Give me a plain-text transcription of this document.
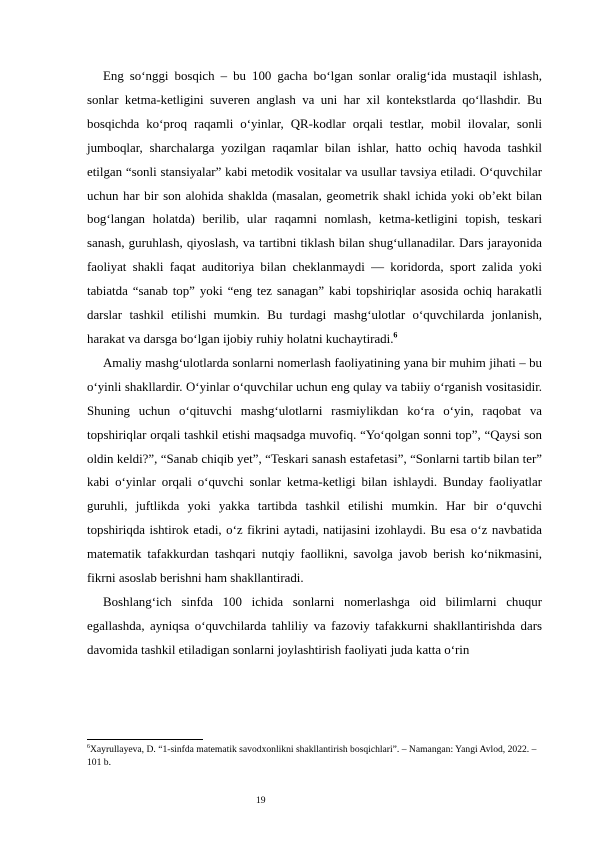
Eng so‘nggi bosqich – bu 100 gacha bo‘lgan sonlar oralig‘ida mustaqil ishlash, sonlar ketma-ketligini suveren anglash va uni har xil kontekstlarda qo‘llashdir. Bu bosqichda ko‘proq raqamli o‘yinlar, QR-kodlar orqali testlar, mobil ilovalar, sonli jumboqlar, sharchalarga yozilgan raqamlar bilan ishlar, hatto ochiq havoda tashkil etilgan “sonli stansiyalar” kabi metodik vositalar va usullar tavsiya etiladi. O‘quvchilar uchun har bir son alohida shaklda (masalan, geometrik shakl ichida yoki ob’ekt bilan bog‘langan holatda) berilib, ular raqamni nomlash, ketma-ketligini topish, teskari sanash, guruhlash, qiyoslash, va tartibni tiklash bilan shug‘ullanadilar. Dars jarayonida faoliyat shakli faqat auditoriya bilan cheklanmaydi — koridorda, sport zalida yoki tabiatda “sanab top” yoki “eng tez sanagan” kabi topshiriqlar asosida ochiq harakatli darslar tashkil etilishi mumkin. Bu turdagi mashg‘ulotlar o‘quvchilarda jonlanish, harakat va darsga bo‘lgan ijobiy ruhiy holatni kuchaytiradi.$^6$

Amaliy mashg‘ulotlarda sonlarni nomerlash faoliyatining yana bir muhim jihati – bu o‘yinli shakllardir. O‘yinlar o‘quvchilar uchun eng qulay va tabiiy o‘rganish vositasidir. Shuning uchun o‘qituvchi mashg‘ulotlarni rasmiylikdan ko‘ra o‘yin, raqobat va topshiriqlar orqali tashkil etishi maqsadga muvofiq. “Yo‘qolgan sonni top”, “Qaysi son oldin keldi?”, “Sanab chiqib yet”, “Teskari sanash estafetasi”, “Sonlarni tartib bilan ter” kabi o‘yinlar orqali o‘quvchi sonlar ketma-ketligi bilan ishlaydi. Bunday faoliyatlar guruhli, juftlikda yoki yakka tartibda tashkil etilishi mumkin. Har bir o‘quvchi topshiriqda ishtirok etadi, o‘z fikrini aytadi, natijasini izohlaydi. Bu esa o‘z navbatida matematik tafakkurdan tashqari nutqiy faollikni, savolga javob berish ko‘nikmasini, fikrni asoslab berishni ham shakllantiradi.

Boshlang‘ich sinfda 100 ichida sonlarni nomerlashga oid bilimlarni chuqur egallashda, ayniqsa o‘quvchilarda tahliliy va fazoviy tafakkurni shakllantirishda dars davomida tashkil etiladigan sonlarni joylashtirish faoliyati juda katta o‘rin

$^6$Xayrullayeva, D. “1-sinfda matematik savodxonlikni shakllantirish bosqichlari”. – Namangan: Yangi Avlod, 2022. – 101 b.

19
